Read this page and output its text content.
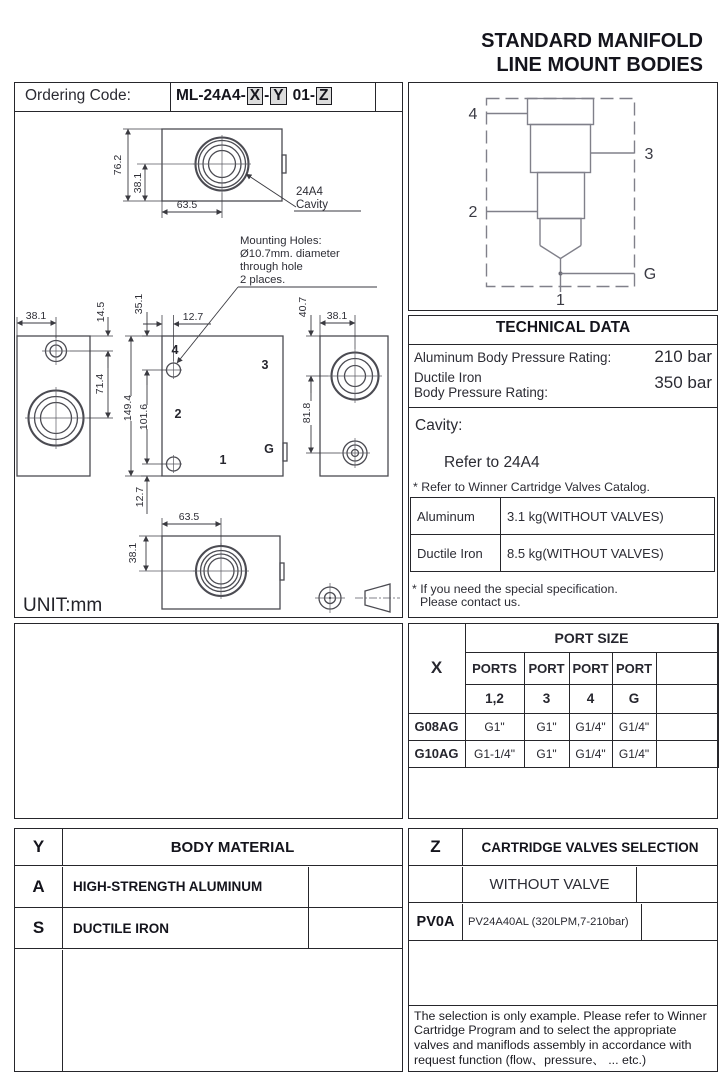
STANDARD MANIFOLD
LINE MOUNT BODIES
Ordering Code:	ML-24A4- X - Y 01- Z
76.2
38.1
63.5
24A4
Cavity
Mounting Holes:
Ø10.7mm. diameter
through hole
2 places.
38.1	14.5
71.4
4
3
2
1
G
35.1
12.7
149.4 101.6
40.7 38.1
81.8
12.7
63.5
38.1
UNIT:mm
4
3
2
G
1
TECHNICAL DATA
Aluminum Body Pressure Rating:	210 bar
Ductile Iron
Body Pressure Rating:
350 bar
Cavity:
Refer to 24A4
* Refer to Winner Cartridge Valves Catalog.
Aluminum	3.1 kg(WITHOUT VALVES)
Ductile Iron	8.5 kg(WITHOUT VALVES)
* If you need the special specification.
Please contact us.
X	PORT SIZE				
	PORTS	PORT	PORT	PORT	
	1,2	3	4	G	
G08AG	G1"	G1"	G1/4"	G1/4"	
G10AG	G1-1/4"	G1"	G1/4"	G1/4"	
Y	BODY MATERIAL
A	HIGH-STRENGTH ALUMINUM
S	DUCTILE IRON
Z	CARTRIDGE VALVES SELECTION
WITHOUT VALVE
PV0A	PV24A40AL (320LPM,7-210bar)
The selection is only example. Please refer to Winner Cartridge Program and to select the appropriate valves and maniflods assembly in accordance with request function (flow、pressure、 ... etc.)
